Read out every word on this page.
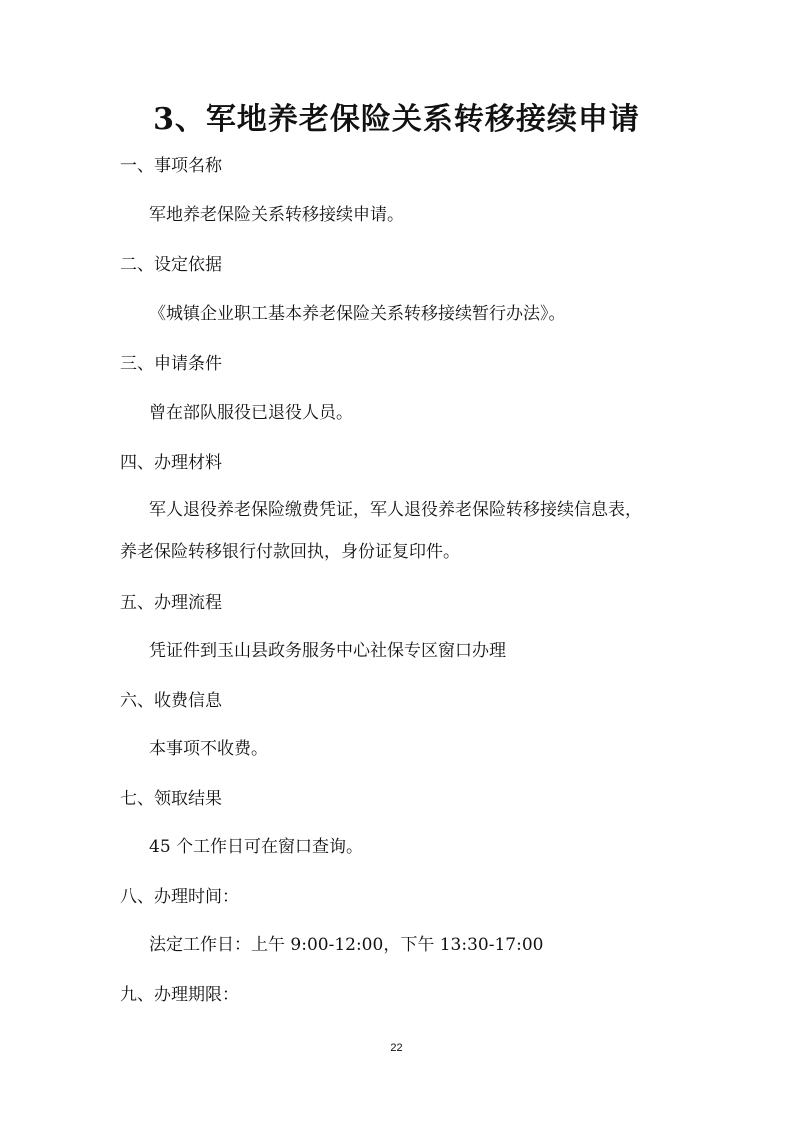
3、军地养老保险关系转移接续申请
一、事项名称
军地养老保险关系转移接续申请。
二、设定依据
《城镇企业职工基本养老保险关系转移接续暂行办法》。
三、申请条件
曾在部队服役已退役人员。
四、办理材料
军人退役养老保险缴费凭证，军人退役养老保险转移接续信息表，
养老保险转移银行付款回执，身份证复印件。
五、办理流程
凭证件到玉山县政务服务中心社保专区窗口办理
六、收费信息
本事项不收费。
七、领取结果
45 个工作日可在窗口查询。
八、办理时间：
法定工作日：上午 9:00-12:00，下午 13:30-17:00
九、办理期限：
22
